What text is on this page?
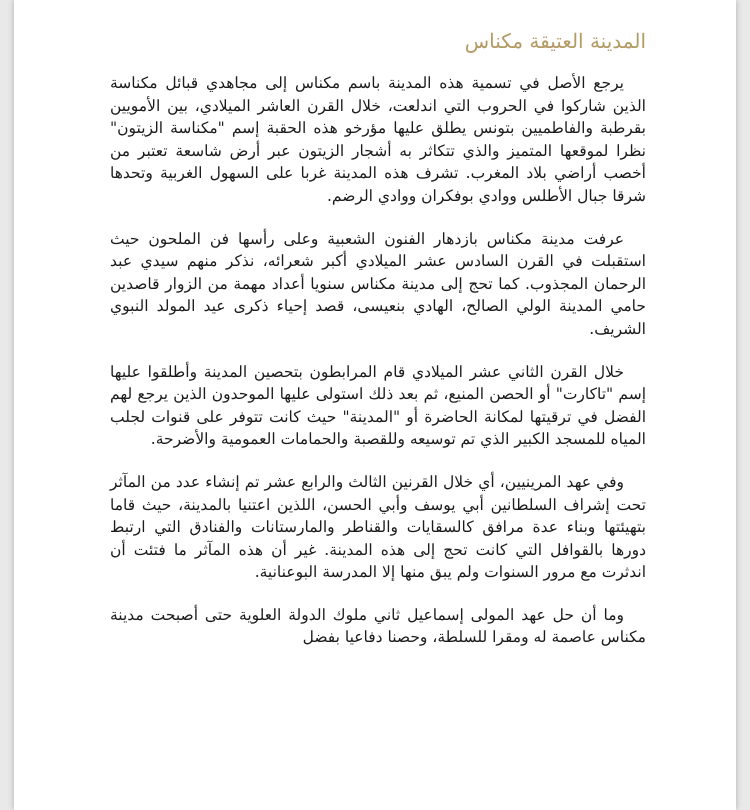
المدينة العتيقة مكناس

يرجع الأصل في تسمية هذه المدينة باسم مكناس إلى مجاهدي قبائل مكناسة الذين شاركوا في الحروب التي اندلعت، خلال القرن العاشر الميلادي، بين الأمويين بقرطبة والفاطميين بتونس يطلق عليها مؤرخو هذه الحقبة إسم "مكناسة الزيتون" نظرا لموقعها المتميز والذي تتكاثر به أشجار الزيتون عبر أرض شاسعة تعتبر من أخصب أراضي بلاد المغرب. تشرف هذه المدينة غربا على السهول الغربية وتحدها شرقا جبال الأطلس ووادي بوفكران ووادي الرضم.

عرفت مدينة مكناس بازدهار الفنون الشعبية وعلى رأسها فن الملحون حيث استقبلت في القرن السادس عشر الميلادي أكبر شعرائه، نذكر منهم سيدي عبد الرحمان المجذوب. كما تحج إلى مدينة مكناس سنويا أعداد مهمة من الزوار قاصدين حامي المدينة الولي الصالح، الهادي بنعيسى، قصد إحياء ذكرى عيد المولد النبوي الشريف.

خلال القرن الثاني عشر الميلادي قام المرابطون بتحصين المدينة وأطلقوا عليها إسم "تاكارت" أو الحصن المنيع، ثم بعد ذلك استولى عليها الموحدون الذين يرجع لهم الفضل في ترقيتها لمكانة الحاضرة أو "المدينة" حيث كانت تتوفر على قنوات لجلب المياه للمسجد الكبير الذي تم توسيعه وللقصبة والحمامات العمومية والأضرحة.

وفي عهد المرينيين، أي خلال القرنين الثالث والرابع عشر تم إنشاء عدد من المآثر تحت إشراف السلطانين أبي يوسف وأبي الحسن، اللذين اعتنيا بالمدينة، حيث قاما بتهيئتها وبناء عدة مرافق كالسقايات والقناطر والمارستانات والفنادق التي ارتبط دورها بالقوافل التي كانت تحج إلى هذه المدينة. غير أن هذه المآثر ما فتئت أن اندثرت مع مرور السنوات ولم يبق منها إلا المدرسة البوعنانية.

وما أن حل عهد المولى إسماعيل ثاني ملوك الدولة العلوية حتى أصبحت مدينة مكناس عاصمة له ومقرا للسلطة، وحصنا دفاعيا بفضل
